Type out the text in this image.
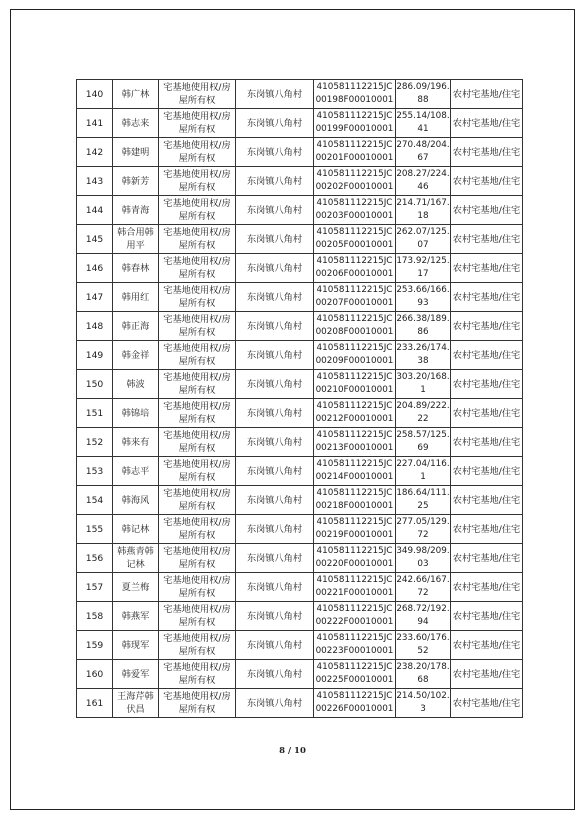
140	韩广林	宅基地使用权/房屋所有权	东岗镇八角村	410581112215JC00198F00010001	286.09/196.88	农村宅基地/住宅
141	韩志来	宅基地使用权/房屋所有权	东岗镇八角村	410581112215JC00199F00010001	255.14/108.41	农村宅基地/住宅
142	韩建明	宅基地使用权/房屋所有权	东岗镇八角村	410581112215JC00201F00010001	270.48/204.67	农村宅基地/住宅
143	韩新芳	宅基地使用权/房屋所有权	东岗镇八角村	410581112215JC00202F00010001	208.27/224.46	农村宅基地/住宅
144	韩青海	宅基地使用权/房屋所有权	东岗镇八角村	410581112215JC00203F00010001	214.71/167.18	农村宅基地/住宅
145	韩合用韩用平	宅基地使用权/房屋所有权	东岗镇八角村	410581112215JC00205F00010001	262.07/125.07	农村宅基地/住宅
146	韩春林	宅基地使用权/房屋所有权	东岗镇八角村	410581112215JC00206F00010001	173.92/125.17	农村宅基地/住宅
147	韩用红	宅基地使用权/房屋所有权	东岗镇八角村	410581112215JC00207F00010001	253.66/166.93	农村宅基地/住宅
148	韩正海	宅基地使用权/房屋所有权	东岗镇八角村	410581112215JC00208F00010001	266.38/189.86	农村宅基地/住宅
149	韩金祥	宅基地使用权/房屋所有权	东岗镇八角村	410581112215JC00209F00010001	233.26/174.38	农村宅基地/住宅
150	韩波	宅基地使用权/房屋所有权	东岗镇八角村	410581112215JC00210F00010001	303.20/168.1	农村宅基地/住宅
151	韩锦培	宅基地使用权/房屋所有权	东岗镇八角村	410581112215JC00212F00010001	204.89/222.22	农村宅基地/住宅
152	韩来有	宅基地使用权/房屋所有权	东岗镇八角村	410581112215JC00213F00010001	258.57/125.69	农村宅基地/住宅
153	韩志平	宅基地使用权/房屋所有权	东岗镇八角村	410581112215JC00214F00010001	227.04/116.1	农村宅基地/住宅
154	韩海风	宅基地使用权/房屋所有权	东岗镇八角村	410581112215JC00218F00010001	186.64/111.25	农村宅基地/住宅
155	韩记林	宅基地使用权/房屋所有权	东岗镇八角村	410581112215JC00219F00010001	277.05/129.72	农村宅基地/住宅
156	韩燕青韩记林	宅基地使用权/房屋所有权	东岗镇八角村	410581112215JC00220F00010001	349.98/209.03	农村宅基地/住宅
157	夏兰梅	宅基地使用权/房屋所有权	东岗镇八角村	410581112215JC00221F00010001	242.66/167.72	农村宅基地/住宅
158	韩燕军	宅基地使用权/房屋所有权	东岗镇八角村	410581112215JC00222F00010001	268.72/192.94	农村宅基地/住宅
159	韩现军	宅基地使用权/房屋所有权	东岗镇八角村	410581112215JC00223F00010001	233.60/176.52	农村宅基地/住宅
160	韩爱军	宅基地使用权/房屋所有权	东岗镇八角村	410581112215JC00225F00010001	238.20/178.68	农村宅基地/住宅
161	王海芹韩伏昌	宅基地使用权/房屋所有权	东岗镇八角村	410581112215JC00226F00010001	214.50/102.3	农村宅基地/住宅
8 / 10
